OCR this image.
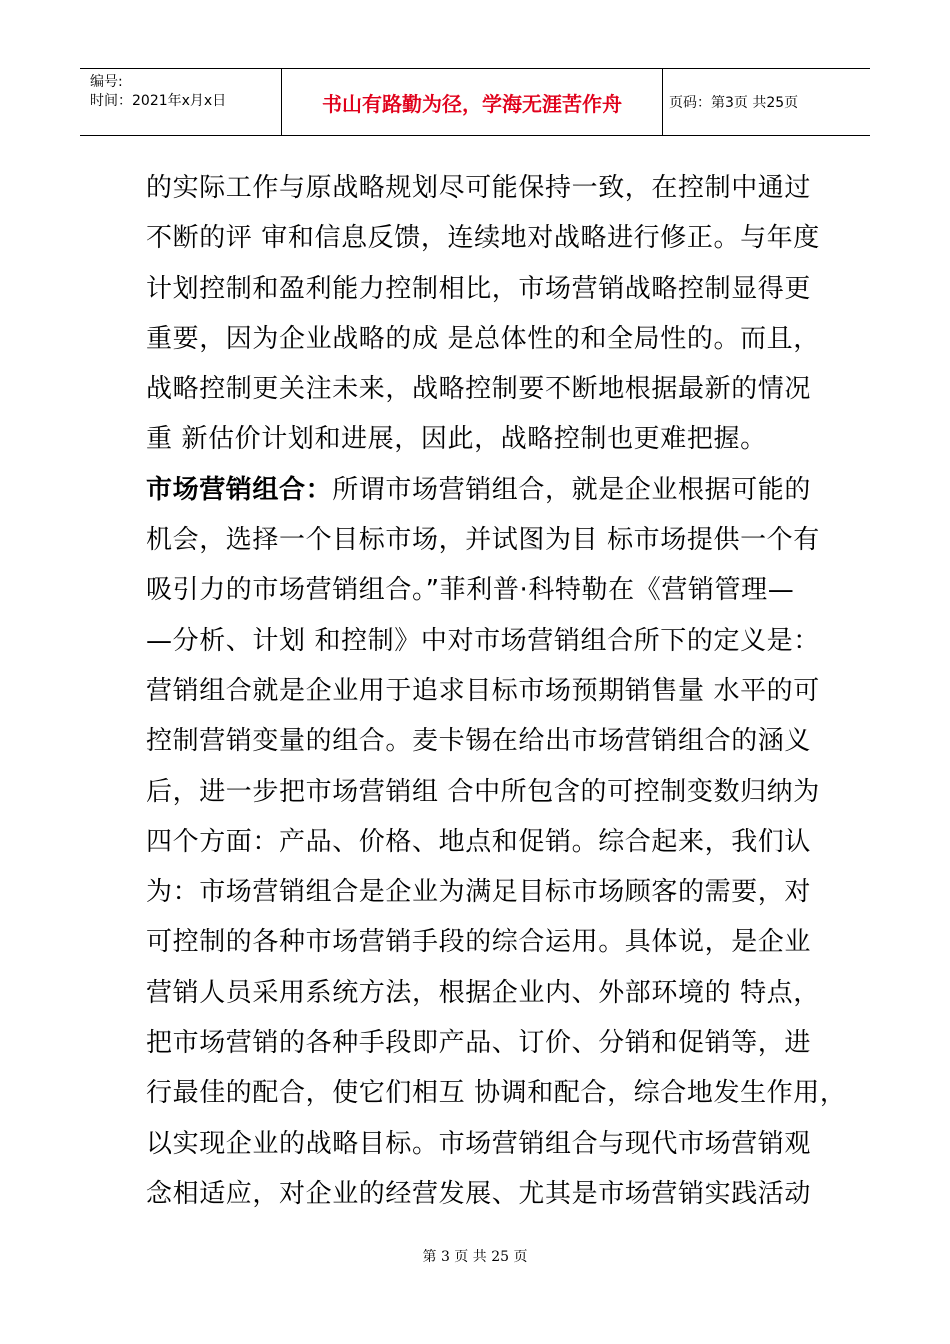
编号:
时间：2021年x月x日	书山有路勤为径，学海无涯苦作舟	页码：第3页 共25页
的实际工作与原战略规划尽可能保持一致，在控制中通过
不断的评 审和信息反馈，连续地对战略进行修正。与年度
计划控制和盈利能力控制相比，市场营销战略控制显得更
重要，因为企业战略的成 是总体性的和全局性的。而且，
战略控制更关注未来，战略控制要不断地根据最新的情况
重 新估价计划和进展，因此，战略控制也更难把握。
市场营销组合：所谓市场营销组合，就是企业根据可能的
机会，选择一个目标市场，并试图为目 标市场提供一个有
吸引力的市场营销组合。”菲利普·科特勒在《营销管理—
—分析、计划 和控制》中对市场营销组合所下的定义是：
营销组合就是企业用于追求目标市场预期销售量 水平的可
控制营销变量的组合。麦卡锡在给出市场营销组合的涵义
后，进一步把市场营销组 合中所包含的可控制变数归纳为
四个方面：产品、价格、地点和促销。综合起来，我们认
为：市场营销组合是企业为满足目标市场顾客的需要，对
可控制的各种市场营销手段的综合运用。具体说，是企业
营销人员采用系统方法，根据企业内、外部环境的 特点，
把市场营销的各种手段即产品、订价、分销和促销等，进
行最佳的配合，使它们相互 协调和配合，综合地发生作用，
以实现企业的战略目标。市场营销组合与现代市场营销观
念相适应，对企业的经营发展、尤其是市场营销实践活动
第 3 页 共 25 页
